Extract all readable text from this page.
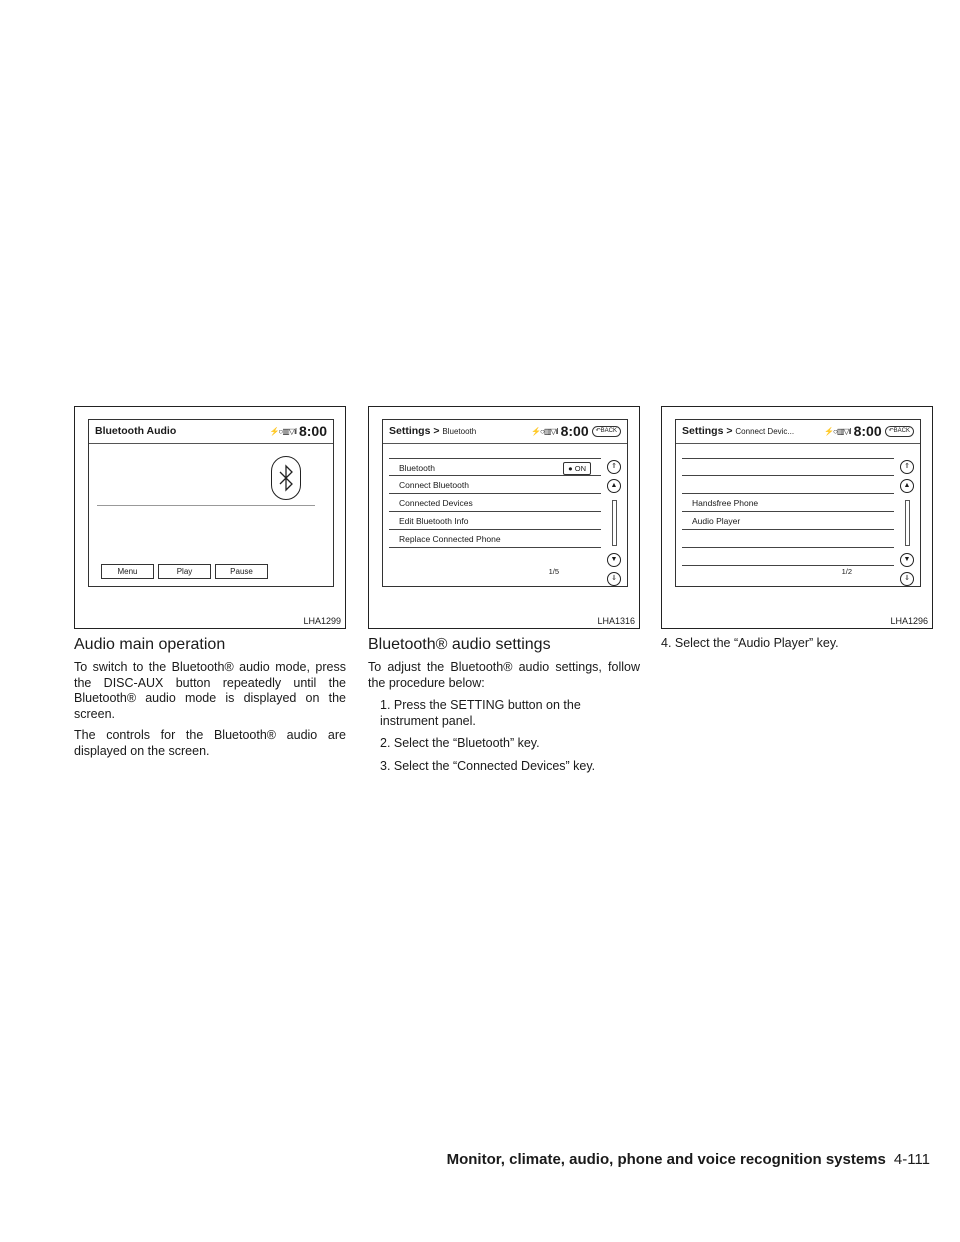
Bluetooth Audio	⚡○▥▽ıl 8:00
Menu	Play	Pause
LHA1299
Settings > Bluetooth	⚡○▥▽ıl 8:00	↶BACK
Bluetooth	● ON
Connect Bluetooth
Connected Devices
Edit Bluetooth Info
Replace Connected Phone
⇑
▲
▼
⇓
1/5
LHA1316
Settings > Connect Devic...	⚡○▥▽ıl 8:00	↶BACK
Handsfree Phone
Audio Player
⇑
▲
▼
⇓
1/2
LHA1296
Audio main operation

To switch to the Bluetooth® audio mode, press the DISC-AUX button repeatedly until the Bluetooth® audio mode is displayed on the screen.

The controls for the Bluetooth® audio are displayed on the screen.

Bluetooth® audio settings

To adjust the Bluetooth® audio settings, follow the procedure below:

1. Press the SETTING button on the instrument panel.

2. Select the “Bluetooth” key.

3. Select the “Connected Devices” key.

4. Select the “Audio Player” key.

Monitor, climate, audio, phone and voice recognition systems 4-111
